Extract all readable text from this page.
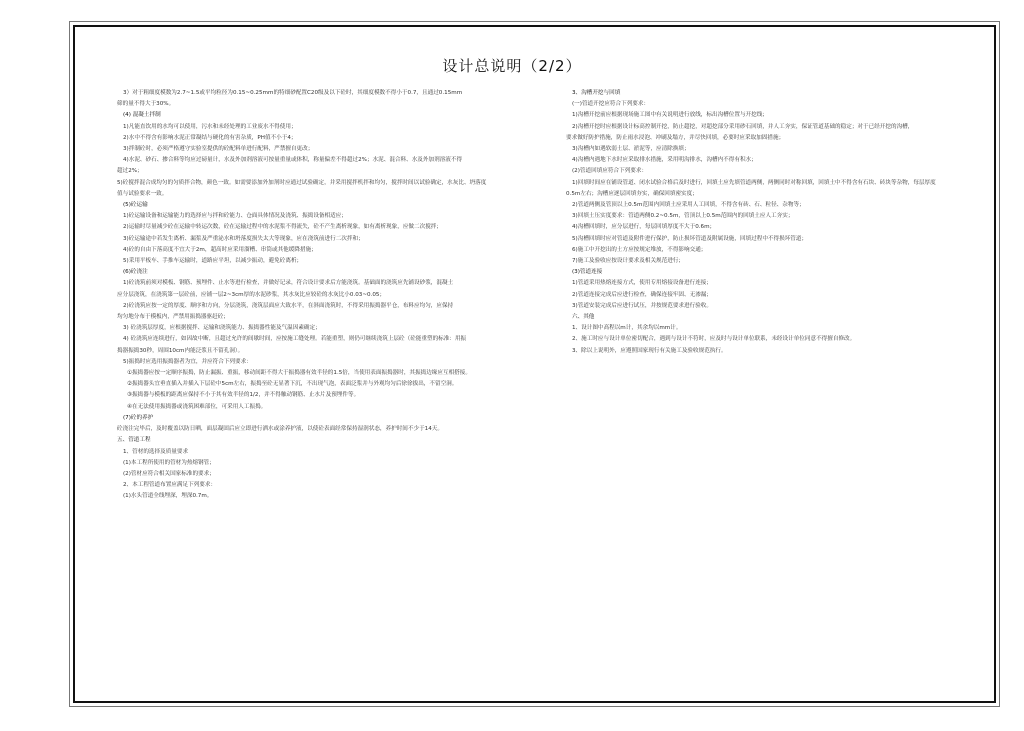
设计总说明（2/2）
3）对于粗细度模数为2.7~1.5或平均粒径为0.15~0.25mm的特细砂配置C20级及以下砼时，其细度模数不得小于0.7，且通过0.15mm
筛的量不得大于30%。
(4) 混凝土拌制
1)凡能直饮用的水均可以使用，污水和未经处理的工业废水不得使用；
2)水中不得含有影响水泥正常凝结与硬化的有害杂质，PH值不小于4；
3)拌制砼时，必须严格遵守实验室提供的砼配料单进行配料，严禁擅自更改；
4)水泥、砂石、掺合料等均应过磅量计，水及外加剂溶液可按量重量或体积，称量偏差不得超过2%；水泥、混合料、水及外加剂溶液不得
超过2%；
5)砼搅拌混合成均匀的匀质拌合物，颜色一致。如需要添加外加剂时应通过试验确定，并采用搅拌机拌和均匀，搅拌时间以试验确定，水灰比、坍落度
值与试验要求一致。
(5)砼运输
1)砼运输设备和运输能力的选择应与拌和砼能力、仓面具体情况及浇筑、振捣设备相适应；
2)运输时尽量减少砼在运输中转运次数，砼在运输过程中的水泥浆不得流失，砼不产生离析现象，如有离析现象，应做二次搅拌；
3)砼运输途中若发生离析、漏浆及严重泌水和坍落度损失太大等现象，应在浇筑前进行二次拌和；
4)砼的自由下落高度不宜大于2m，超高时应采用溜槽、串筒或其他缓降措施；
5)采用平板车、手推车运输时，道路应平坦，以减少振动，避免砼离析；
(6)砼浇注
1)砼浇筑前须对模板、钢筋、预埋件、止水等进行检查，并做好记录，符合设计要求后方能浇筑。基础面的浇筑应先铺设砂浆，混凝土
应分层浇筑，在浇筑第一层砼前，应铺一层2~3cm厚的水泥砂浆，其水灰比应较砼的水灰比小0.03~0.05；
2)砼浇筑应按一定的厚度、顺序和方向，分层浇筑，浇筑层面应大致水平，在斜面浇筑时，不得采用振捣器平仓，布料应均匀，应保持
均匀地分布于模板内，严禁用振捣器驱赶砼；
3) 砼浇筑层厚度，应根据搅拌、运输和浇筑能力、振捣器性能及气温因素确定；
4) 砼浇筑应连续进行，如因故中断，且超过允许的间歇时间，应按施工缝处理。若能重塑，则仍可继续浇筑上层砼（砼能重塑的标准：用振
捣器振捣30秒，周围10cm内能泛浆且不留孔洞）。
5)振捣时应选用振捣器者为宜，并应符合下列要求：
①振捣器应按一定顺序振捣，防止漏振、重振，移动间距不得大于振捣器有效半径的1.5倍，当使用表面振捣器时，其振捣边缘应互相搭接。
②振捣器头宜垂直插入并插入下层砼中5cm左右，振捣至砼无显著下沉，不出现气泡，表面泛浆并与外观均匀后徐徐拔出，不留空洞。
③振捣器与模板的距离应保持不小于其有效半径的1/2，并不得触动钢筋、止水片及预埋件等。
④在无法使用振捣器或浇筑困难部位，可采用人工振捣。
(7)砼的养护
砼浇注完毕后，及时覆盖以防日晒，面层凝固后应立即进行洒水或涂养护液，以使砼表面经常保持湿润状态，养护时间不少于14天。
五、管道工程
1、管材的选择及质量要求
(1)本工程所使用的管材为热熔钢管；
(2)管材应符合相关国家标准的要求；
2、本工程管道布置应满足下列要求：
(1)水头管道全线埋深，埋深0.7m。
3、沟槽开挖与回填
(一)管道开挖应符合下列要求：
1)沟槽开挖前应根据现场施工图中有关说明进行放线，标出沟槽位置与开挖线；
2)沟槽开挖时应根据设计标高控制开挖，防止超挖，对超挖部分采用砂石回填，并人工夯实，保证管道基础的稳定；对于已经开挖的沟槽，
要求做好防护措施，防止雨水浸泡、冲刷及塌方，并尽快回填，必要时应采取加固措施；
3)沟槽内如遇软弱土层、淤泥等，应清除换填；
4)沟槽内遇地下水时应采取排水措施，采用明沟排水，沟槽内不得有积水；
(2)管道回填应符合下列要求：
1)回填时间应在铺设管道、闭水试验合格后及时进行，回填土应先填管道两侧，两侧同时对称回填，回填土中不得含有石块、砖块等杂物，每层厚度
0.5m左右；沟槽应逐层回填夯实，确保回填密实度；
2)管道两侧及管顶以上0.5m范围内回填土应采用人工回填，不得含有砖、石、粒径、杂物等；
3)回填土压实度要求：管道两侧0.2~0.5m，管顶以上0.5m范围内的回填土应人工夯实；
4)沟槽回填时，应分层进行，每层回填厚度不大于0.6m；
5)沟槽回填时应对管道及附件进行保护，防止损坏管道及附属设施，回填过程中不得损坏管道；
6)施工中开挖出的土方应按规定堆放，不得影响交通；
7)施工及验收应按设计要求及相关规范进行；
(3)管道连接
1)管道采用热熔连接方式，使用专用熔接设备进行连接；
2)管道连接完成后应进行检查，确保连接牢固、无渗漏；
3)管道安装完成后应进行试压，并按规范要求进行验收。
六、其他
1、设计图中高程以m计，其余均以mm计。
2、施工时应与设计单位密切配合，遇到与设计不符时，应及时与设计单位联系，未经设计单位同意不得擅自修改。
3、除以上说明外，应遵照国家现行有关施工及验收规范执行。
